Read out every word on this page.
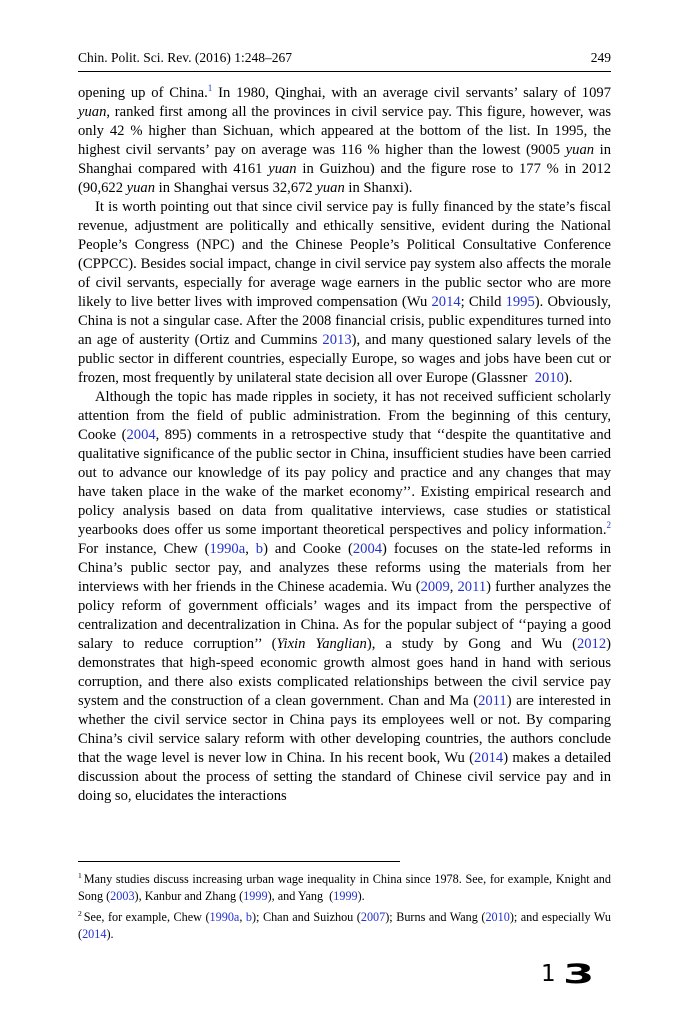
Chin. Polit. Sci. Rev. (2016) 1:248–267	249

opening up of China.$^1$ In 1980, Qinghai, with an average civil servants’ salary of 1097 yuan, ranked first among all the provinces in civil service pay. This figure, however, was only 42 % higher than Sichuan, which appeared at the bottom of the list. In 1995, the highest civil servants’ pay on average was 116 % higher than the lowest (9005 yuan in Shanghai compared with 4161 yuan in Guizhou) and the figure rose to 177 % in 2012 (90,622 yuan in Shanghai versus 32,672 yuan in Shanxi).

It is worth pointing out that since civil service pay is fully financed by the state’s fiscal revenue, adjustment are politically and ethically sensitive, evident during the National People’s Congress (NPC) and the Chinese People’s Political Consultative Conference (CPPCC). Besides social impact, change in civil service pay system also affects the morale of civil servants, especially for average wage earners in the public sector who are more likely to live better lives with improved compensation (Wu 2014; Child 1995). Obviously, China is not a singular case. After the 2008 financial crisis, public expenditures turned into an age of austerity (Ortiz and Cummins 2013), and many questioned salary levels of the public sector in different countries, especially Europe, so wages and jobs have been cut or frozen, most frequently by unilateral state decision all over Europe (Glassner 2010).

Although the topic has made ripples in society, it has not received sufficient scholarly attention from the field of public administration. From the beginning of this century, Cooke (2004, 895) comments in a retrospective study that ‘‘despite the quantitative and qualitative significance of the public sector in China, insufficient studies have been carried out to advance our knowledge of its pay policy and practice and any changes that may have taken place in the wake of the market economy’’. Existing empirical research and policy analysis based on data from qualitative interviews, case studies or statistical yearbooks does offer us some important theoretical perspectives and policy information.$^2$ For instance, Chew (1990a, b) and Cooke (2004) focuses on the state-led reforms in China’s public sector pay, and analyzes these reforms using the materials from her interviews with her friends in the Chinese academia. Wu (2009, 2011) further analyzes the policy reform of government officials’ wages and its impact from the perspective of centralization and decentralization in China. As for the popular subject of ‘‘paying a good salary to reduce corruption’’ (Yixin Yanglian), a study by Gong and Wu (2012) demonstrates that high-speed economic growth almost goes hand in hand with serious corruption, and there also exists complicated relationships between the civil service pay system and the construction of a clean government. Chan and Ma (2011) are interested in whether the civil service sector in China pays its employees well or not. By comparing China’s civil service salary reform with other developing countries, the authors conclude that the wage level is never low in China. In his recent book, Wu (2014) makes a detailed discussion about the process of setting the standard of Chinese civil service pay and in doing so, elucidates the interactions

$^1$ Many studies discuss increasing urban wage inequality in China since 1978. See, for example, Knight and Song (2003), Kanbur and Zhang (1999), and Yang (1999).

$^2$ See, for example, Chew (1990a, b); Chan and Suizhou (2007); Burns and Wang (2010); and especially Wu (2014).

1 3
